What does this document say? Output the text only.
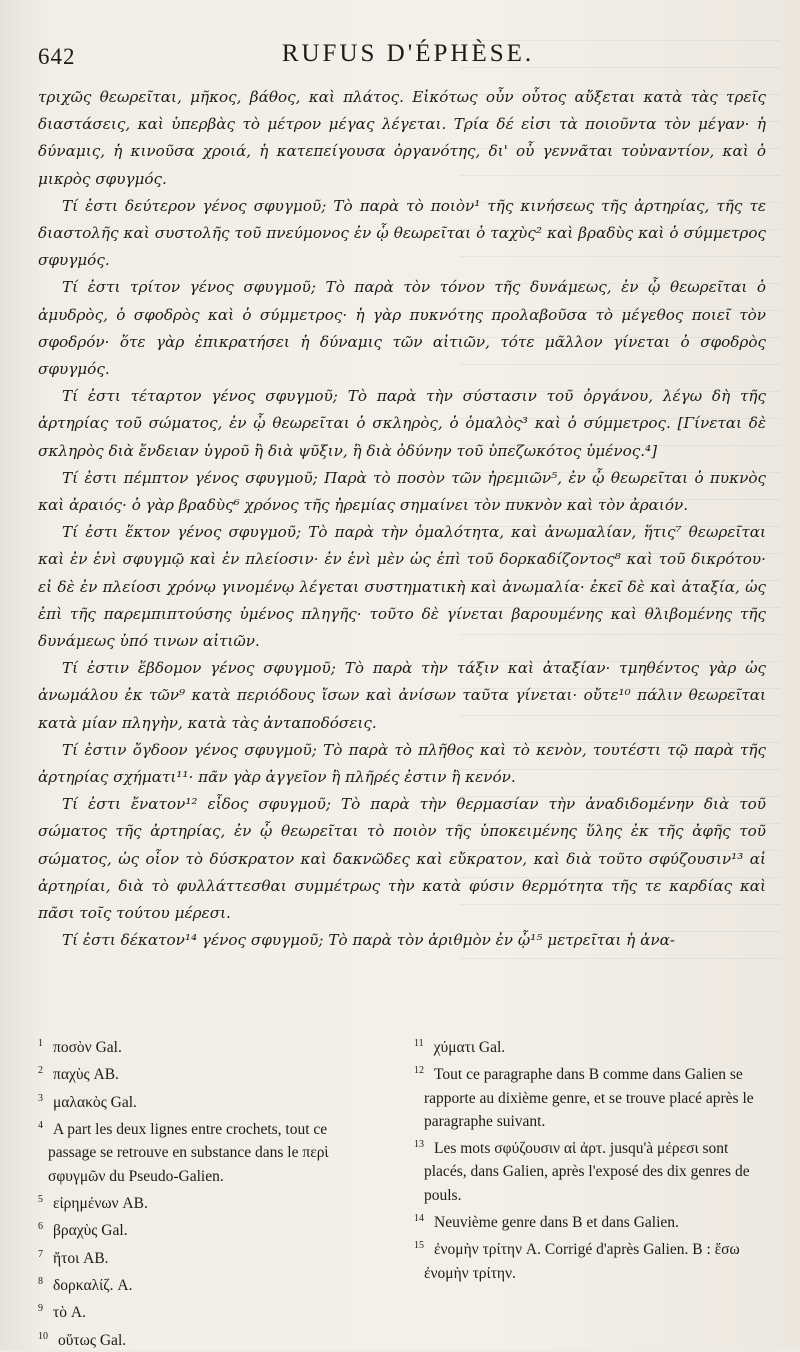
642	RUFUS D'ÉPHÈSE.

τριχῶς θεωρεῖται, μῆκος, βάθος, καὶ πλάτος. Εἰκότως οὖν οὗτος αὔξεται κατὰ τὰς τρεῖς διαστάσεις, καὶ ὑπερβὰς τὸ μέτρον μέγας λέγεται. Τρία δέ εἰσι τὰ ποιοῦντα τὸν μέγαν· ἡ δύναμις, ἡ κινοῦσα χροιά, ἡ κατεπείγουσα ὀργανότης, δι' οὗ γεννᾶται τοὐναντίον, καὶ ὁ μικρὸς σφυγμός.

Τί ἐστι δεύτερον γένος σφυγμοῦ; Τὸ παρὰ τὸ ποιὸν¹ τῆς κινήσεως τῆς ἀρτηρίας, τῆς τε διαστολῆς καὶ συστολῆς τοῦ πνεύμονος ἐν ᾧ θεωρεῖται ὁ ταχὺς² καὶ βραδὺς καὶ ὁ σύμμετρος σφυγμός.

Τί ἐστι τρίτον γένος σφυγμοῦ; Τὸ παρὰ τὸν τόνον τῆς δυνάμεως, ἐν ᾧ θεωρεῖται ὁ ἀμυδρὸς, ὁ σφοδρὸς καὶ ὁ σύμμετρος· ἡ γὰρ πυκνότης προλαβοῦσα τὸ μέγεθος ποιεῖ τὸν σφοδρόν· ὅτε γὰρ ἐπικρατήσει ἡ δύναμις τῶν αἰτιῶν, τότε μᾶλλον γίνεται ὁ σφοδρὸς σφυγμός.

Τί ἐστι τέταρτον γένος σφυγμοῦ; Τὸ παρὰ τὴν σύστασιν τοῦ ὀργάνου, λέγω δὴ τῆς ἀρτηρίας τοῦ σώματος, ἐν ᾧ θεωρεῖται ὁ σκληρὸς, ὁ ὁμαλὸς³ καὶ ὁ σύμμετρος. [Γίνεται δὲ σκληρὸς διὰ ἔνδειαν ὑγροῦ ἢ διὰ ψῦξιν, ἢ διὰ ὀδύνην τοῦ ὑπεζωκότος ὑμένος.⁴]

Τί ἐστι πέμπτον γένος σφυγμοῦ; Παρὰ τὸ ποσὸν τῶν ἠρεμιῶν⁵, ἐν ᾧ θεωρεῖται ὁ πυκνὸς καὶ ἀραιός· ὁ γὰρ βραδὺς⁶ χρόνος τῆς ἠρεμίας σημαίνει τὸν πυκνὸν καὶ τὸν ἀραιόν.

Τί ἐστι ἕκτον γένος σφυγμοῦ; Τὸ παρὰ τὴν ὁμαλότητα, καὶ ἀνωμαλίαν, ἥτις⁷ θεωρεῖται καὶ ἐν ἑνὶ σφυγμῷ καὶ ἐν πλείοσιν· ἐν ἑνὶ μὲν ὡς ἐπὶ τοῦ δορκαδίζοντος⁸ καὶ τοῦ δικρότου· εἰ δὲ ἐν πλείοσι χρόνῳ γινομένῳ λέγεται συστηματικὴ καὶ ἀνωμαλία· ἐκεῖ δὲ καὶ ἀταξία, ὡς ἐπὶ τῆς παρεμπιπτούσης ὑμένος πληγῆς· τοῦτο δὲ γίνεται βαρουμένης καὶ θλιβομένης τῆς δυνάμεως ὑπό τινων αἰτιῶν.

Τί ἐστιν ἕβδομον γένος σφυγμοῦ; Τὸ παρὰ τὴν τάξιν καὶ ἀταξίαν· τμηθέντος γὰρ ὡς ἀνωμάλου ἐκ τῶν⁹ κατὰ περιόδους ἴσων καὶ ἀνίσων ταῦτα γίνεται· οὔτε¹⁰ πάλιν θεωρεῖται κατὰ μίαν πληγὴν, κατὰ τὰς ἀνταποδόσεις.

Τί ἐστιν ὄγδοον γένος σφυγμοῦ; Τὸ παρὰ τὸ πλῆθος καὶ τὸ κενὸν, τουτέστι τῷ παρὰ τῆς ἀρτηρίας σχήματι¹¹· πᾶν γὰρ ἀγγεῖον ἢ πλῆρές ἐστιν ἢ κενόν.

Τί ἐστι ἔνατον¹² εἶδος σφυγμοῦ; Τὸ παρὰ τὴν θερμασίαν τὴν ἀναδιδομένην διὰ τοῦ σώματος τῆς ἀρτηρίας, ἐν ᾧ θεωρεῖται τὸ ποιὸν τῆς ὑποκειμένης ὕλης ἐκ τῆς ἀφῆς τοῦ σώματος, ὡς οἷον τὸ δύσκρατον καὶ δακνῶδες καὶ εὔκρατον, καὶ διὰ τοῦτο σφύζουσιν¹³ αἱ ἀρτηρίαι, διὰ τὸ φυλλάττεσθαι συμμέτρως τὴν κατὰ φύσιν θερμότητα τῆς τε καρδίας καὶ πᾶσι τοῖς τούτου μέρεσι.

Τί ἐστι δέκατον¹⁴ γένος σφυγμοῦ; Τὸ παρὰ τὸν ἀριθμὸν ἐν ᾧ¹⁵ μετρεῖται ἡ ἀνα-

$^1$ ποσὸν Gal.

$^2$ παχὺς AB.

$^3$ μαλακὸς Gal.

$^4$ A part les deux lignes entre crochets, tout ce passage se retrouve en substance dans le περὶ σφυγμῶν du Pseudo-Galien.

$^5$ εἰρημένων AB.

$^6$ βραχὺς Gal.

$^7$ ἤτοι AB.

$^8$ δορκαλίζ. A.

$^9$ τὸ A.

$^{10}$ οὕτως Gal.

$^{11}$ χύματι Gal.

$^{12}$ Tout ce paragraphe dans B comme dans Galien se rapporte au dixième genre, et se trouve placé après le paragraphe suivant.

$^{13}$ Les mots σφύζουσιν αἱ ἀρτ. jusqu'à μέρεσι sont placés, dans Galien, après l'exposé des dix genres de pouls.

$^{14}$ Neuvième genre dans B et dans Galien.

$^{15}$ ἐνομὴν τρίτην A. Corrigé d'après Galien. B : ἔσω ἐνομὴν τρίτην.
